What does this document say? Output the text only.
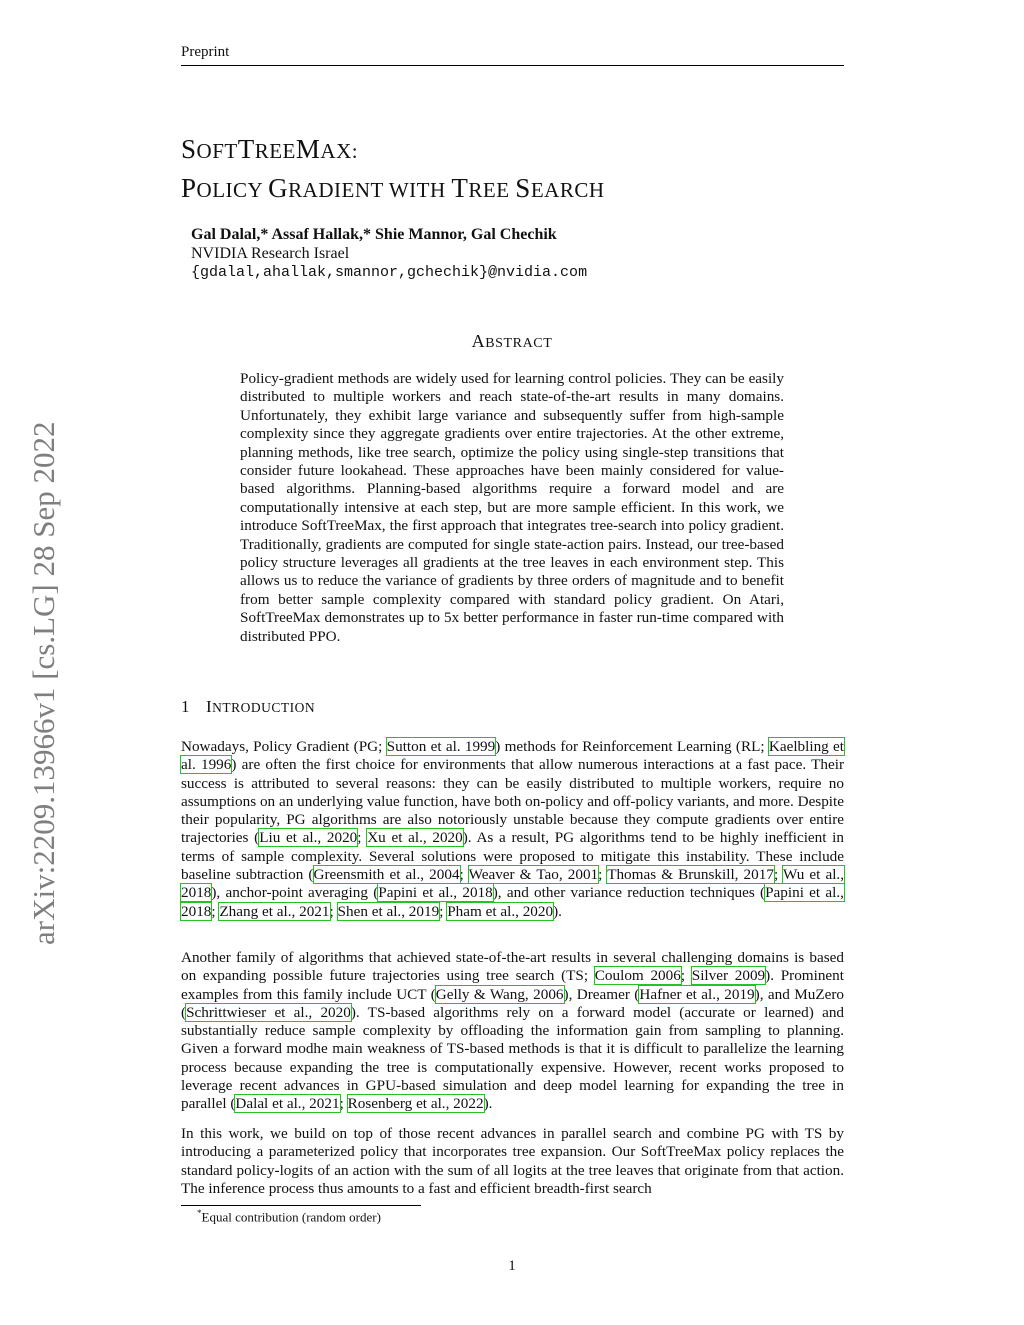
Preprint
arXiv:2209.13966v1 [cs.LG] 28 Sep 2022
SOFTTREEMAX:
POLICY GRADIENT WITH TREE SEARCH
Gal Dalal,* Assaf Hallak,* Shie Mannor, Gal Chechik
NVIDIA Research Israel
{gdalal,ahallak,smannor,gchechik}@nvidia.com
ABSTRACT

Policy-gradient methods are widely used for learning control policies. They can be easily distributed to multiple workers and reach state-of-the-art results in many domains. Unfortunately, they exhibit large variance and subsequently suffer from high-sample complexity since they aggregate gradients over entire trajectories. At the other extreme, planning methods, like tree search, optimize the policy using single-step transitions that consider future lookahead. These approaches have been mainly considered for value-based algorithms. Planning-based algorithms require a forward model and are computationally intensive at each step, but are more sample efficient. In this work, we introduce SoftTreeMax, the first approach that integrates tree-search into policy gradient. Traditionally, gradients are computed for single state-action pairs. Instead, our tree-based policy structure leverages all gradients at the tree leaves in each environment step. This allows us to reduce the variance of gradients by three orders of magnitude and to benefit from better sample complexity compared with standard policy gradient. On Atari, SoftTreeMax demonstrates up to 5x better performance in faster run-time compared with distributed PPO.

1 INTRODUCTION

Nowadays, Policy Gradient (PG; Sutton et al. 1999) methods for Reinforcement Learning (RL; Kaelbling et al. 1996) are often the first choice for environments that allow numerous interactions at a fast pace. Their success is attributed to several reasons: they can be easily distributed to multiple workers, require no assumptions on an underlying value function, have both on-policy and off-policy variants, and more. Despite their popularity, PG algorithms are also notoriously unstable because they compute gradients over entire trajectories (Liu et al., 2020; Xu et al., 2020). As a result, PG algorithms tend to be highly inefficient in terms of sample complexity. Several solutions were proposed to mitigate this instability. These include baseline subtraction (Greensmith et al., 2004; Weaver & Tao, 2001; Thomas & Brunskill, 2017; Wu et al., 2018), anchor-point averaging (Papini et al., 2018), and other variance reduction techniques (Papini et al., 2018; Zhang et al., 2021; Shen et al., 2019; Pham et al., 2020).

Another family of algorithms that achieved state-of-the-art results in several challenging domains is based on expanding possible future trajectories using tree search (TS; Coulom 2006; Silver 2009). Prominent examples from this family include UCT (Gelly & Wang, 2006), Dreamer (Hafner et al., 2019), and MuZero (Schrittwieser et al., 2020). TS-based algorithms rely on a forward model (accurate or learned) and substantially reduce sample complexity by offloading the information gain from sampling to planning. Given a forward modhe main weakness of TS-based methods is that it is difficult to parallelize the learning process because expanding the tree is computationally expensive. However, recent works proposed to leverage recent advances in GPU-based simulation and deep model learning for expanding the tree in parallel (Dalal et al., 2021; Rosenberg et al., 2022).

In this work, we build on top of those recent advances in parallel search and combine PG with TS by introducing a parameterized policy that incorporates tree expansion. Our SoftTreeMax policy replaces the standard policy-logits of an action with the sum of all logits at the tree leaves that originate from that action. The inference process thus amounts to a fast and efficient breadth-first search

*Equal contribution (random order)
1
